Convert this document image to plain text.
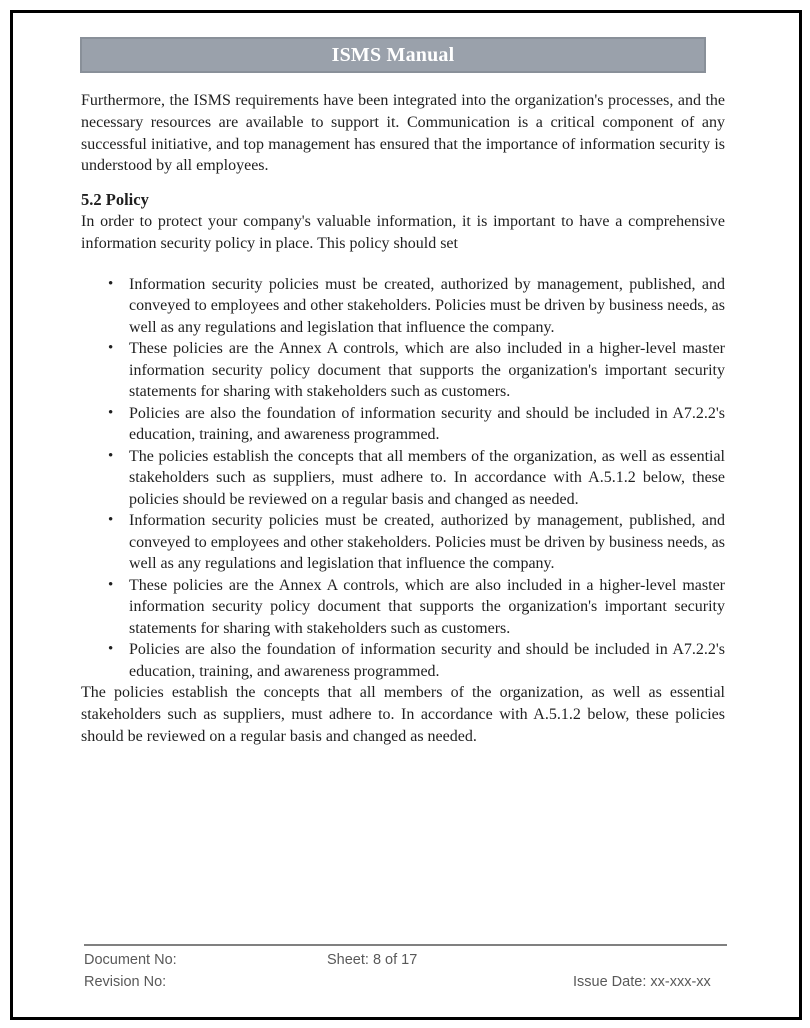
ISMS Manual

Furthermore, the ISMS requirements have been integrated into the organization's processes, and the necessary resources are available to support it. Communication is a critical component of any successful initiative, and top management has ensured that the importance of information security is understood by all employees.

5.2 Policy

In order to protect your company's valuable information, it is important to have a comprehensive information security policy in place. This policy should set

• Information security policies must be created, authorized by management, published, and conveyed to employees and other stakeholders. Policies must be driven by business needs, as well as any regulations and legislation that influence the company.
• These policies are the Annex A controls, which are also included in a higher-level master information security policy document that supports the organization's important security statements for sharing with stakeholders such as customers.
• Policies are also the foundation of information security and should be included in A7.2.2's education, training, and awareness programmed.
• The policies establish the concepts that all members of the organization, as well as essential stakeholders such as suppliers, must adhere to. In accordance with A.5.1.2 below, these policies should be reviewed on a regular basis and changed as needed.
• Information security policies must be created, authorized by management, published, and conveyed to employees and other stakeholders. Policies must be driven by business needs, as well as any regulations and legislation that influence the company.
• These policies are the Annex A controls, which are also included in a higher-level master information security policy document that supports the organization's important security statements for sharing with stakeholders such as customers.
• Policies are also the foundation of information security and should be included in A7.2.2's education, training, and awareness programmed.

The policies establish the concepts that all members of the organization, as well as essential stakeholders such as suppliers, must adhere to. In accordance with A.5.1.2 below, these policies should be reviewed on a regular basis and changed as needed.

Document No:	Sheet: 8 of 17
Revision No:	Issue Date: xx-xxx-xx
